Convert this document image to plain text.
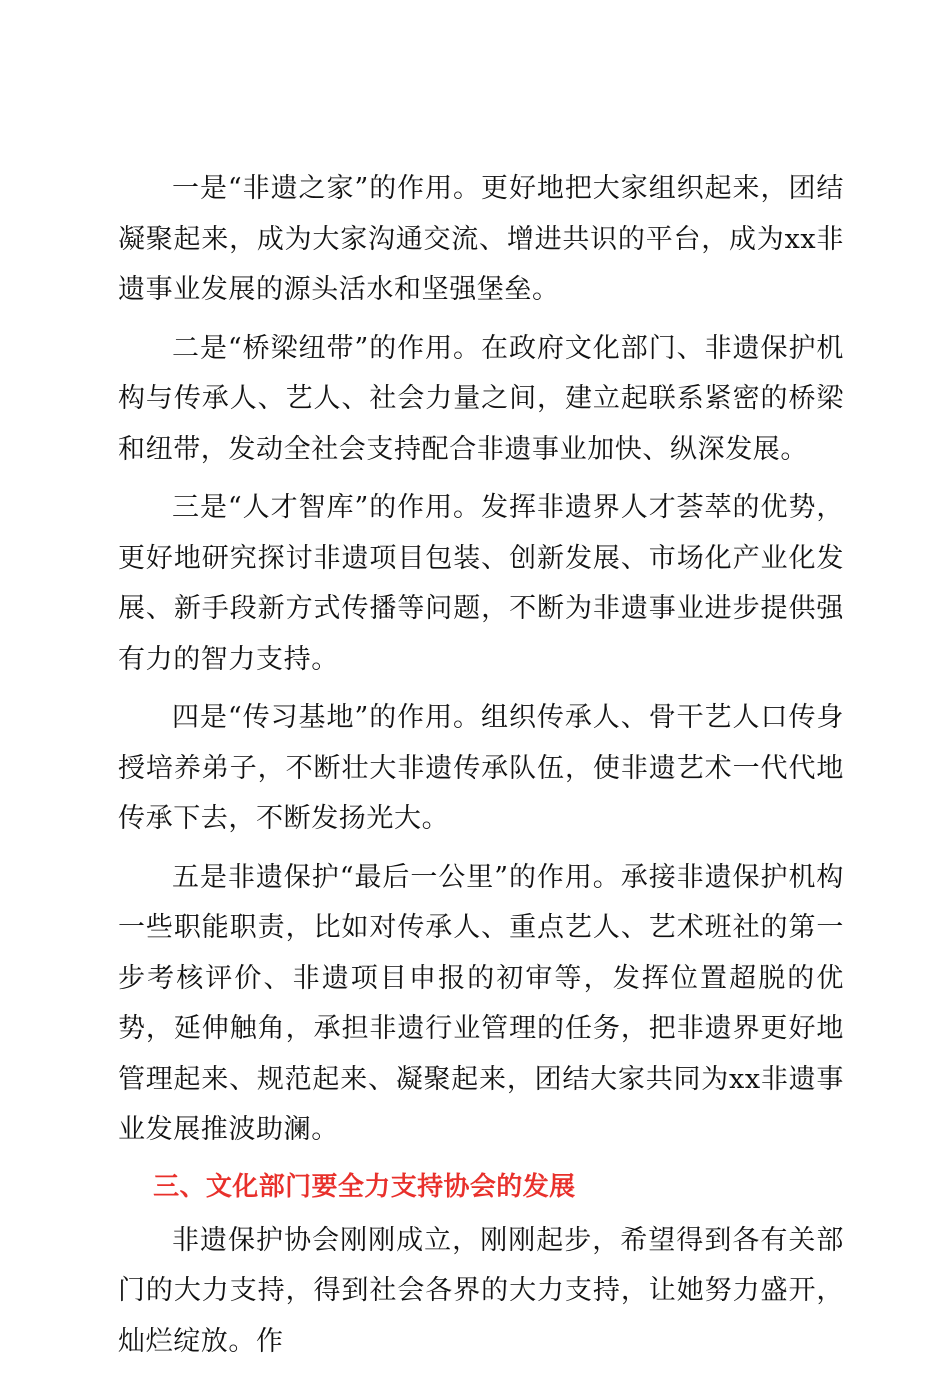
一是“非遗之家”的作用。更好地把大家组织起来，团结凝聚起来，成为大家沟通交流、增进共识的平台，成为xx非遗事业发展的源头活水和坚强堡垒。

二是“桥梁纽带”的作用。在政府文化部门、非遗保护机构与传承人、艺人、社会力量之间，建立起联系紧密的桥梁和纽带，发动全社会支持配合非遗事业加快、纵深发展。

三是“人才智库”的作用。发挥非遗界人才荟萃的优势，更好地研究探讨非遗项目包装、创新发展、市场化产业化发展、新手段新方式传播等问题，不断为非遗事业进步提供强有力的智力支持。

四是“传习基地”的作用。组织传承人、骨干艺人口传身授培养弟子，不断壮大非遗传承队伍，使非遗艺术一代代地传承下去，不断发扬光大。

五是非遗保护“最后一公里”的作用。承接非遗保护机构一些职能职责，比如对传承人、重点艺人、艺术班社的第一步考核评价、非遗项目申报的初审等，发挥位置超脱的优势，延伸触角，承担非遗行业管理的任务，把非遗界更好地管理起来、规范起来、凝聚起来，团结大家共同为xx非遗事业发展推波助澜。

三、文化部门要全力支持协会的发展

非遗保护协会刚刚成立，刚刚起步，希望得到各有关部门的大力支持，得到社会各界的大力支持，让她努力盛开，灿烂绽放。作
